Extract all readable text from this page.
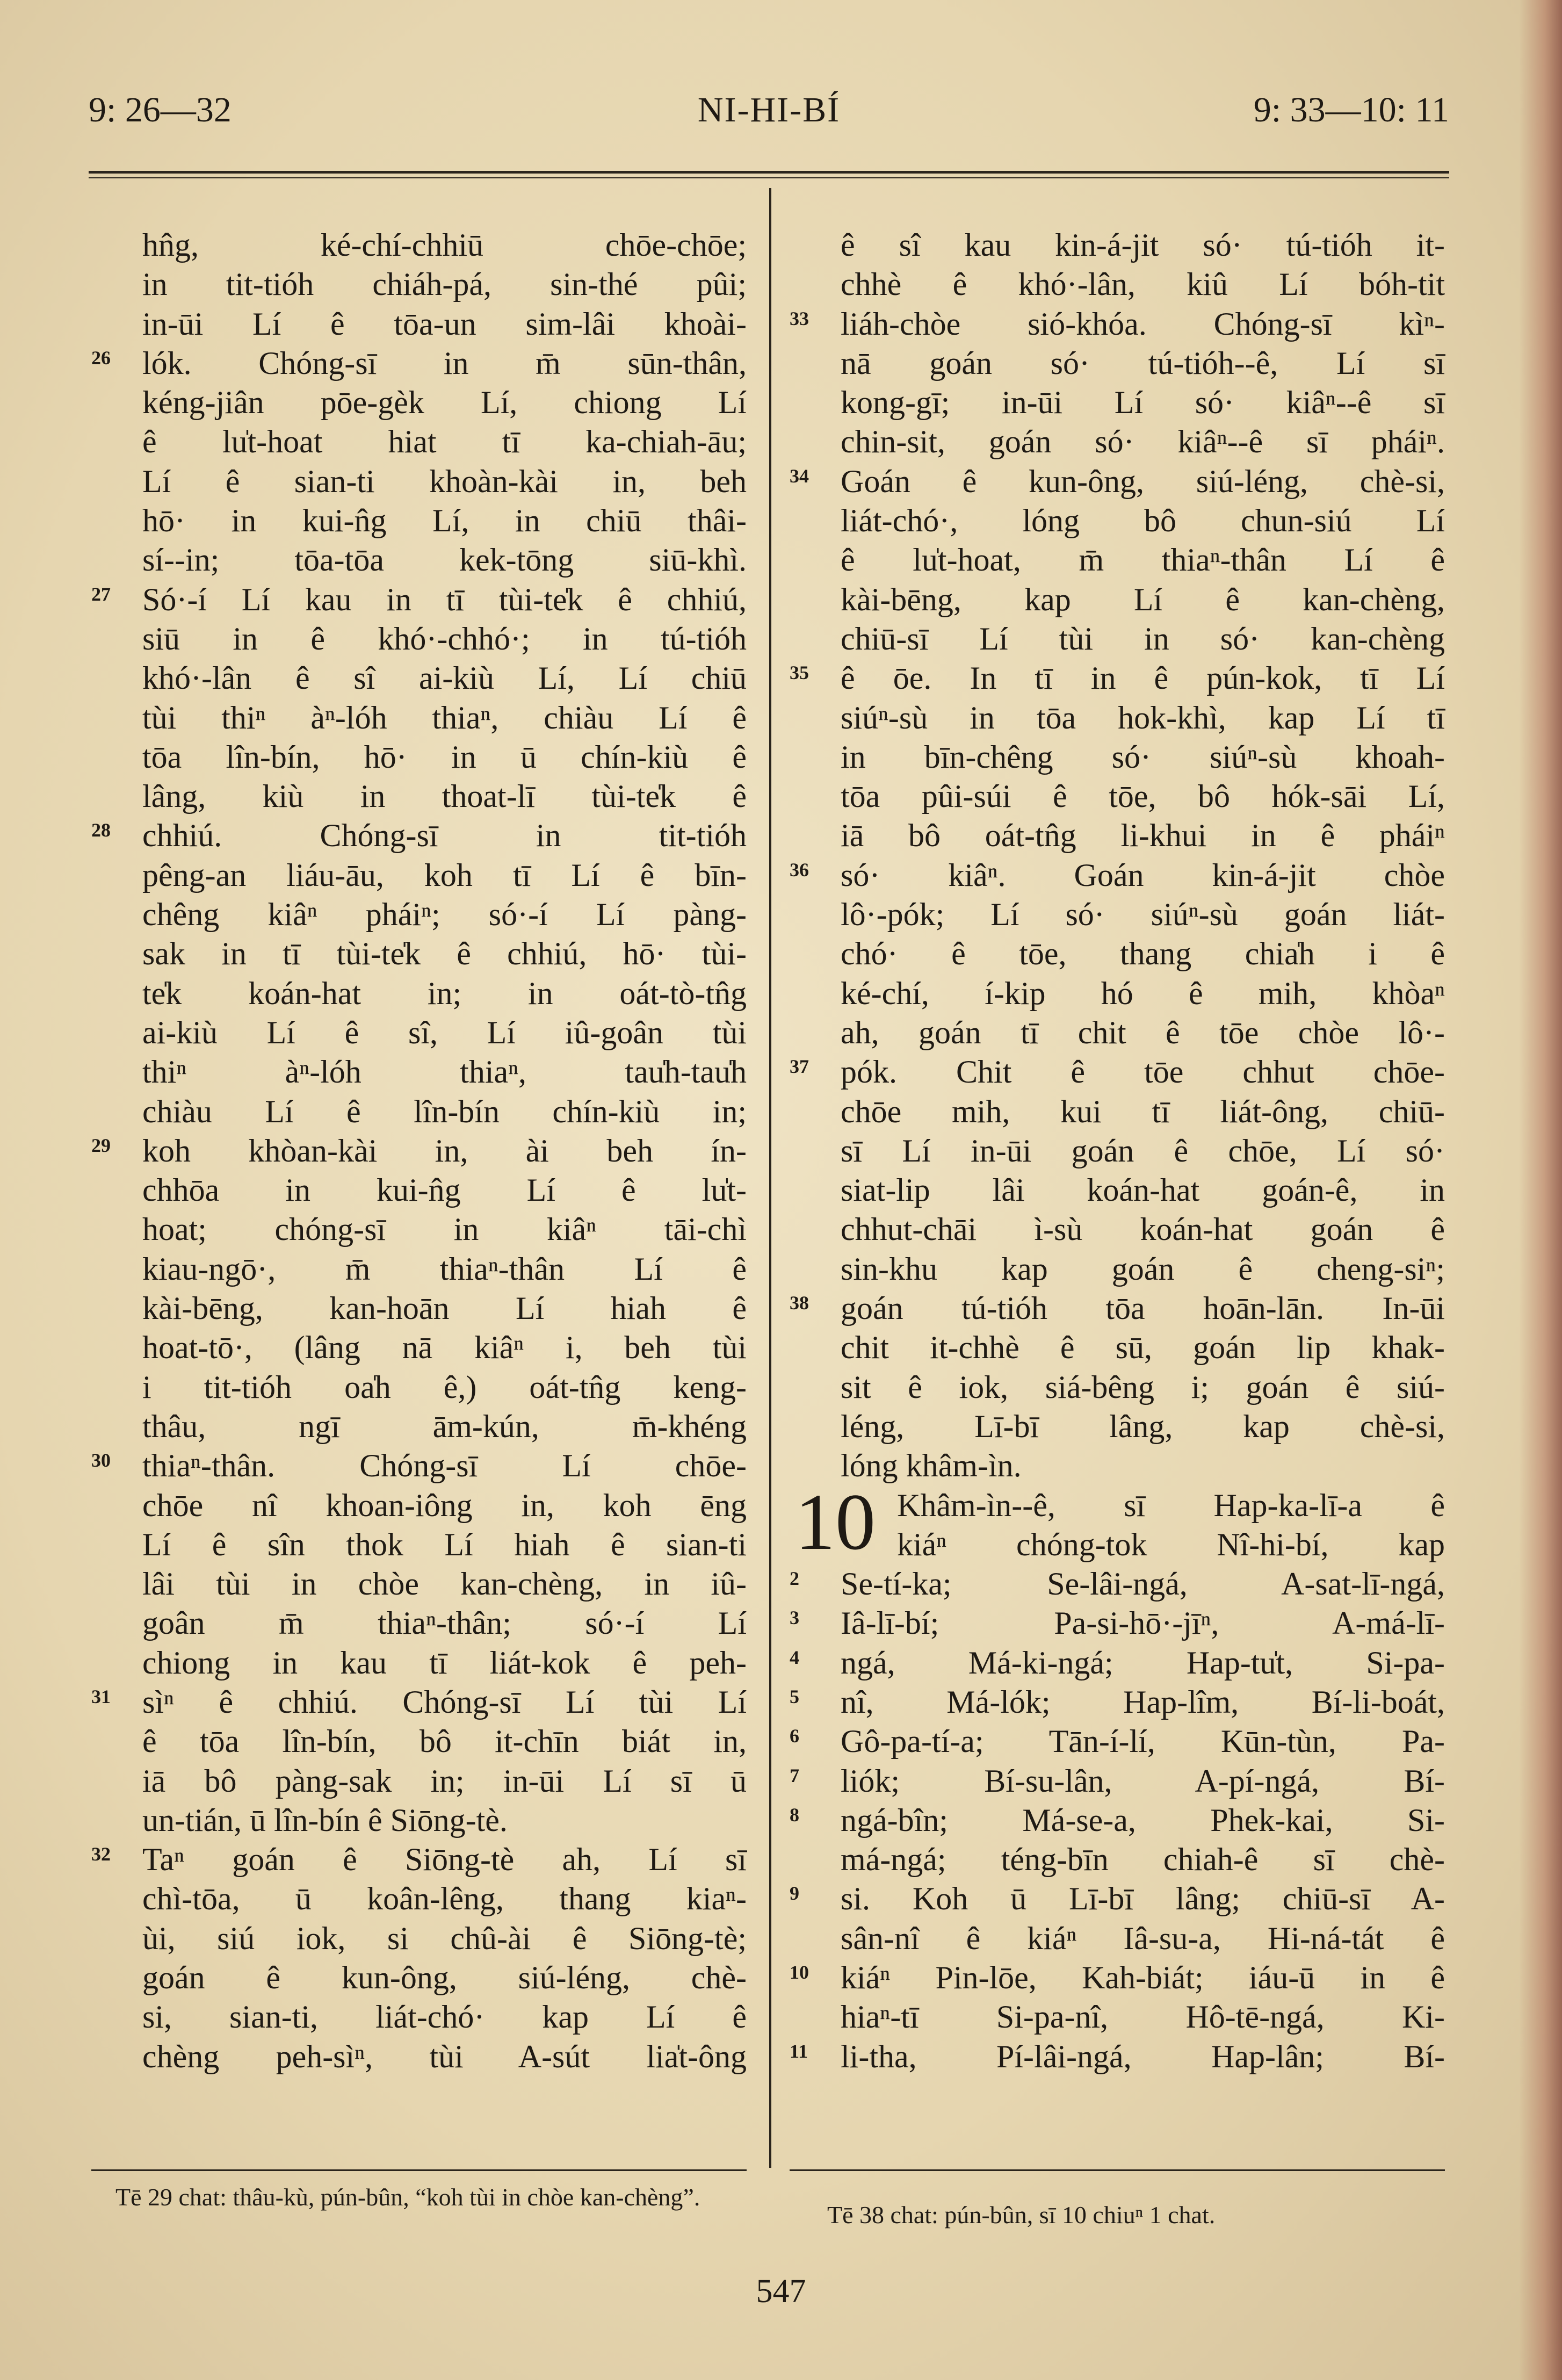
9: 26—32	NI-HI-BÍ	9: 33—10: 11
hn̂g, ké-chí-chhiū chōe-chōe;
in tit-tióh chiáh-pá, sin-thé pûi;
in-ūi Lí ê tōa-un sim-lâi khoài-
26 lók. Chóng-sī in m̄ sūn-thân,
kéng-jiân pōe-gèk Lí, chiong Lí
ê lu̍t-hoat hiat tī ka-chiah-āu;
Lí ê sian-ti khoàn-kài in, beh
hō· in kui-n̂g Lí, in chiū thâi-
sí--in; tōa-tōa kek-tōng siū-khì.
27 Só·-í Lí kau in tī tùi-te̍k ê chhiú,
siū in ê khó·-chhó·; in tú-tióh
khó·-lân ê sî ai-kiù Lí, Lí chiū
tùi thiⁿ àⁿ-lóh thiaⁿ, chiàu Lí ê
tōa lîn-bín, hō· in ū chín-kiù ê
lâng, kiù in thoat-lī tùi-te̍k ê
28 chhiú. Chóng-sī in tit-tióh
pêng-an liáu-āu, koh tī Lí ê bīn-
chêng kiâⁿ pháiⁿ; só·-í Lí pàng-
sak in tī tùi-te̍k ê chhiú, hō· tùi-
te̍k koán-hat in; in oát-tò-tn̂g
ai-kiù Lí ê sî, Lí iû-goân tùi
thiⁿ àⁿ-lóh thiaⁿ, tau̍h-tau̍h
chiàu Lí ê lîn-bín chín-kiù in;
29 koh khòan-kài in, ài beh ín-
chhōa in kui-n̂g Lí ê lu̍t-
hoat; chóng-sī in kiâⁿ tāi-chì
kiau-ngō·, m̄ thiaⁿ-thân Lí ê
kài-bēng, kan-hoān Lí hiah ê
hoat-tō·, (lâng nā kiâⁿ i, beh tùi
i tit-tióh oa̍h ê,) oát-tn̂g keng-
thâu, ngī ām-kún, m̄-khéng
30 thiaⁿ-thân. Chóng-sī Lí chōe-
chōe nî khoan-iông in, koh ēng
Lí ê sîn thok Lí hiah ê sian-ti
lâi tùi in chòe kan-chèng, in iû-
goân m̄ thiaⁿ-thân; só·-í Lí
chiong in kau tī liát-kok ê peh-
31 sìⁿ ê chhiú. Chóng-sī Lí tùi Lí
ê tōa lîn-bín, bô it-chīn biát in,
iā bô pàng-sak in; in-ūi Lí sī ū
un-tián, ū lîn-bín ê Siōng-tè.
32 Taⁿ goán ê Siōng-tè ah, Lí sī
chì-tōa, ū koân-lêng, thang kiaⁿ-
ùi, siú iok, si chû-ài ê Siōng-tè;
goán ê kun-ông, siú-léng, chè-
si, sian-ti, liát-chó· kap Lí ê
chèng peh-sìⁿ, tùi A-sút lia̍t-ông
ê sî kau kin-á-jit só· tú-tióh it-
chhè ê khó·-lân, kiû Lí bóh-tit
33 liáh-chòe sió-khóa. Chóng-sī kìⁿ-
nā goán só· tú-tióh--ê, Lí sī
kong-gī; in-ūi Lí só· kiâⁿ--ê sī
chin-sit, goán só· kiâⁿ--ê sī pháiⁿ.
34 Goán ê kun-ông, siú-léng, chè-si,
liát-chó·, lóng bô chun-siú Lí
ê lu̍t-hoat, m̄ thiaⁿ-thân Lí ê
kài-bēng, kap Lí ê kan-chèng,
chiū-sī Lí tùi in só· kan-chèng
35 ê ōe. In tī in ê pún-kok, tī Lí
siúⁿ-sù in tōa hok-khì, kap Lí tī
in bīn-chêng só· siúⁿ-sù khoah-
tōa pûi-súi ê tōe, bô hók-sāi Lí,
iā bô oát-tn̂g li-khui in ê pháiⁿ
36 só· kiâⁿ. Goán kin-á-jit chòe
lô·-pók; Lí só· siúⁿ-sù goán liát-
chó· ê tōe, thang chia̍h i ê
ké-chí, í-kip hó ê mih, khòaⁿ
ah, goán tī chit ê tōe chòe lô·-
37 pók. Chit ê tōe chhut chōe-
chōe mih, kui tī liát-ông, chiū-
sī Lí in-ūi goán ê chōe, Lí só·
siat-lip lâi koán-hat goán-ê, in
chhut-chāi ì-sù koán-hat goán ê
sin-khu kap goán ê cheng-siⁿ;
38 goán tú-tióh tōa hoān-lān. In-ūi
chit it-chhè ê sū, goán lip khak-
sit ê iok, siá-bêng i; goán ê siú-
léng, Lī-bī lâng, kap chè-si,
lóng khâm-ìn.
10 Khâm-ìn--ê, sī Hap-ka-lī-a ê
kiáⁿ chóng-tok Nî-hi-bí, kap
2	Se-tí-ka; Se-lâi-ngá, A-sat-lī-ngá,
3	Iâ-lī-bí; Pa-si-hō·-jīⁿ, A-má-lī-
4	ngá, Má-ki-ngá; Hap-tu̍t, Si-pa-
5	nî, Má-lók; Hap-lîm, Bí-li-boát,
6	Gô-pa-tí-a; Tān-í-lí, Kūn-tùn, Pa-
7	liók; Bí-su-lân, A-pí-ngá, Bí-
8	ngá-bîn; Má-se-a, Phek-kai, Si-
má-ngá; téng-bīn chiah-ê sī chè-
9	si. Koh ū Lī-bī lâng; chiū-sī A-
sân-nî ê kiáⁿ Iâ-su-a, Hi-ná-tát ê
10 kiáⁿ Pin-lōe, Kah-biát; iáu-ū in ê
hiaⁿ-tī Si-pa-nî, Hô-tē-ngá, Ki-
11	li-tha, Pí-lâi-ngá, Hap-lân; Bí-
Tē 29 chat: thâu-kù, pún-bûn, “koh tùi in chòe kan-chèng”.
Tē 38 chat: pún-bûn, sī 10 chiuⁿ 1 chat.
547
